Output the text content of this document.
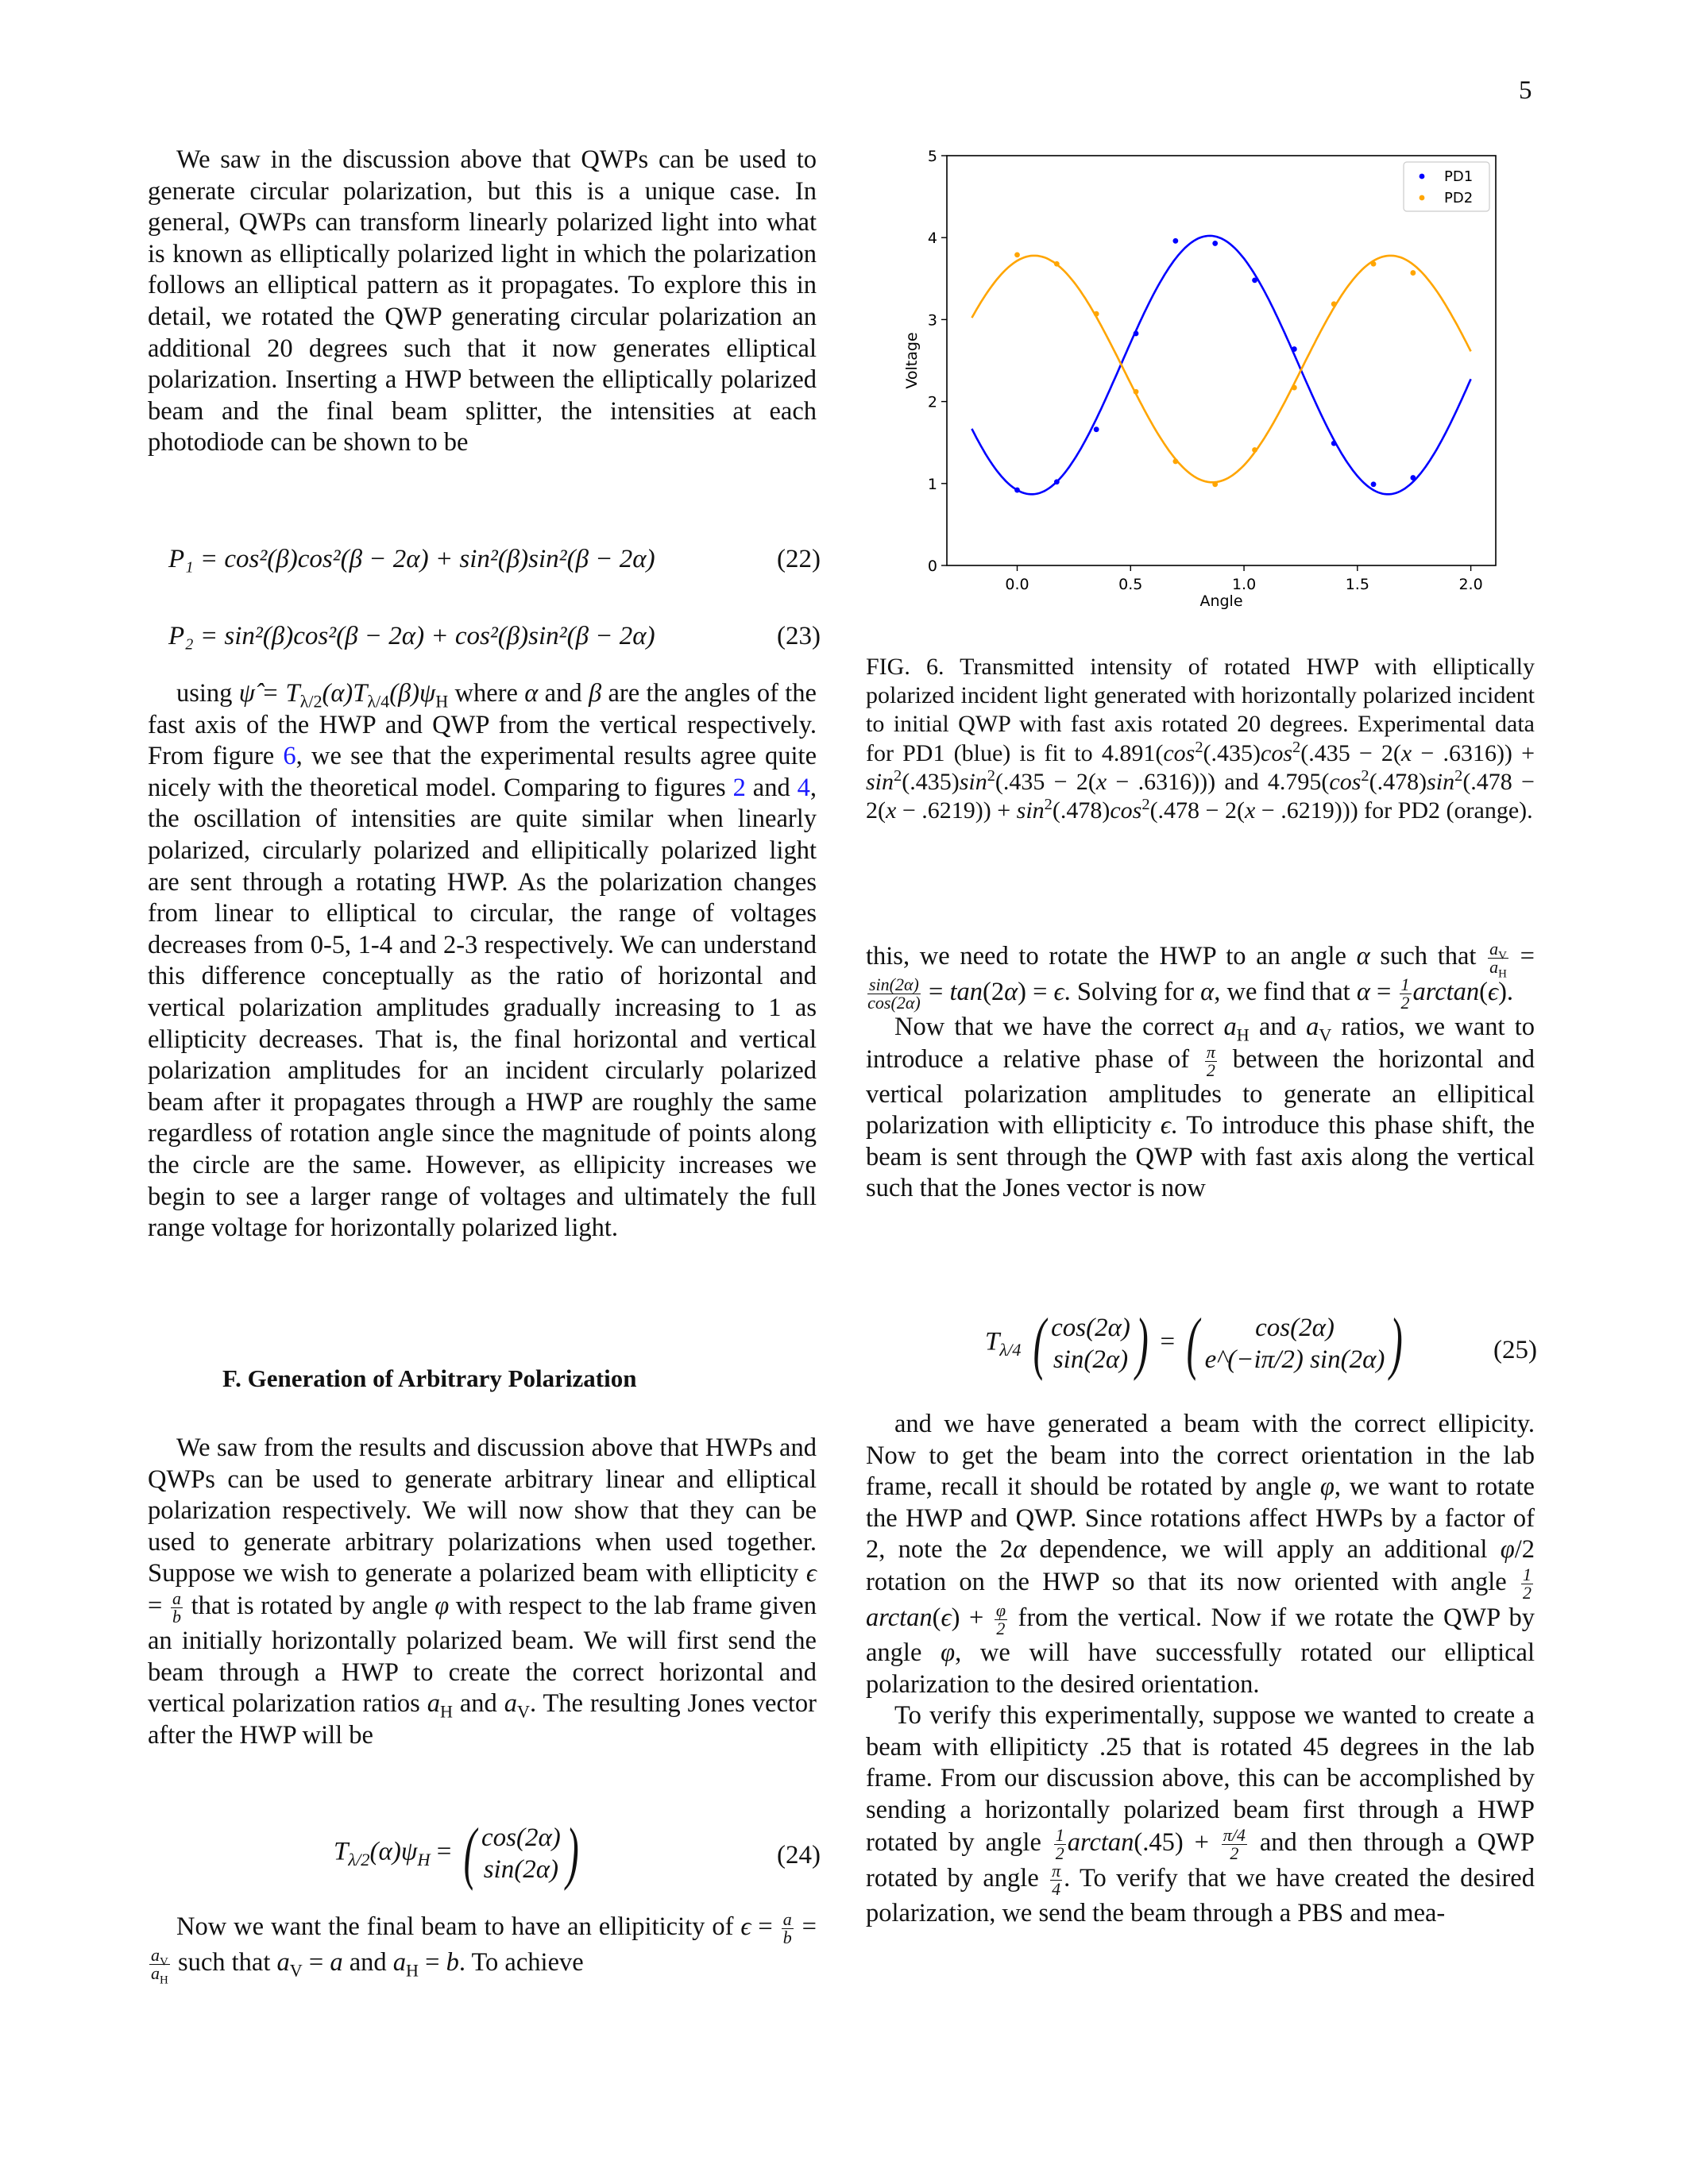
5

We saw in the discussion above that QWPs can be used to generate circular polarization, but this is a unique case. In general, QWPs can transform linearly polarized light into what is known as elliptically polarized light in which the polarization follows an elliptical pattern as it propagates. To explore this in detail, we rotated the QWP generating circular polarization an additional 20 degrees such that it now generates elliptical polarization. Inserting a HWP between the elliptically polarized beam and the final beam splitter, the intensities at each photodiode can be shown to be

P₁ = cos²(β)cos²(β − 2α) + sin²(β)sin²(β − 2α)	(22)
P₂ = sin²(β)cos²(β − 2α) + cos²(β)sin²(β − 2α)	(23)

using ψ̂ = $T_{\lambda/2}(\alpha)T_{\lambda/4}(\beta)\psi_H$ where α and β are the angles of the fast axis of the HWP and QWP from the vertical respectively. From figure 6, we see that the experimental results agree quite nicely with the theoretical model. Comparing to figures 2 and 4, the oscillation of intensities are quite similar when linearly polarized, circularly polarized and ellipitically polarized light are sent through a rotating HWP. As the polarization changes from linear to elliptical to circular, the range of voltages decreases from 0-5, 1-4 and 2-3 respectively. We can understand this difference conceptually as the ratio of horizontal and vertical polarization amplitudes gradually increasing to 1 as ellipticity decreases. That is, the final horizontal and vertical polarization amplitudes for an incident circularly polarized beam after it propagates through a HWP are roughly the same regardless of rotation angle since the magnitude of points along the circle are the same. However, as ellipicity increases we begin to see a larger range of voltages and ultimately the full range voltage for horizontally polarized light.

F. Generation of Arbitrary Polarization

We saw from the results and discussion above that HWPs and QWPs can be used to generate arbitrary linear and elliptical polarization respectively. We will now show that they can be used to generate arbitrary polarizations when used together. Suppose we wish to generate a polarized beam with ellipticity $\epsilon = \frac{a}{b}$ that is rotated by angle φ with respect to the lab frame given an initially horizontally polarized beam. We will first send the beam through a HWP to create the correct horizontal and vertical polarization ratios $a_H$ and $a_V$. The resulting Jones vector after the HWP will be

$T_{\lambda/2}(\alpha)\psi_H$ = ( cos(2α)
sin(2α) )	(24)

Now we want the final beam to have an ellipiticity of $\epsilon = \frac{a}{b}$ =
$\frac{a_V}{a_H}$ such that $a_V = a$ and $a_H = b$. To achieve

0
1
2
3
4
5
0.0	0.5	1.0	1.5	2.0
Angle
Voltage
PD1
PD2
FIG. 6. Transmitted intensity of rotated HWP with elliptically polarized incident light generated with horizontally polarized incident to initial QWP with fast axis rotated 20 degrees. Experimental data for PD1 (blue) is fit to $4.891(\cos^2(.435)\cos^2(.435 - 2(x - .6316)) + \sin^2(.435)\sin^2(.435 - 2(x - .6316)))$ and $4.795(\cos^2(.478)\sin^2(.478 - 2(x - .6219)) + \sin^2(.478)\cos^2(.478 - 2(x - .6219)))$ for PD2 (orange).

this, we need to rotate the HWP to an angle α such that $\frac{a_V}{a_H}$ =
$\frac{\sin(2\alpha)}{\cos(2\alpha)} = \tan(2\alpha) = \epsilon$. Solving for α, we find that $\alpha = \frac{1}{2} \arctan(\epsilon)$.

Now that we have the correct $a_H$ and $a_V$ ratios, we want to introduce a relative phase of $\frac{\pi}{2}$ between the horizontal and vertical polarization amplitudes to generate an ellipitical polarization with ellipticity ϵ. To introduce this phase shift, the beam is sent through the QWP with fast axis along the vertical such that the Jones vector is now

$T_{\lambda/4}$ ( cos(2α)
sin(2α) ) = (	cos(2α)
e^(−iπ/2) sin(2α) )	(25)

and we have generated a beam with the correct ellipicity. Now to get the beam into the correct orientation in the lab frame, recall it should be rotated by angle φ, we want to rotate the HWP and QWP. Since rotations affect HWPs by a factor of 2, note the 2α dependence, we will apply an additional φ/2 rotation on the HWP so that its now oriented with angle $\frac{1}{2}$
$\arctan(\epsilon) + \frac{\varphi}{2}$ from the vertical. Now if we rotate the QWP by angle φ, we will have successfully rotated our elliptical polarization to the desired orientation.

To verify this experimentally, suppose we wanted to create a beam with ellipiticty .25 that is rotated 45 degrees in the lab frame. From our discussion above, this can be accomplished by sending a horizontally polarized beam first through a HWP rotated by angle $\frac{1}{2} \arctan(.45) + \frac{\pi/4}{2}$ and then through a QWP rotated by angle $\frac{\pi}{4}$ . To verify that we have created the desired polarization, we send the beam through a PBS and mea-
